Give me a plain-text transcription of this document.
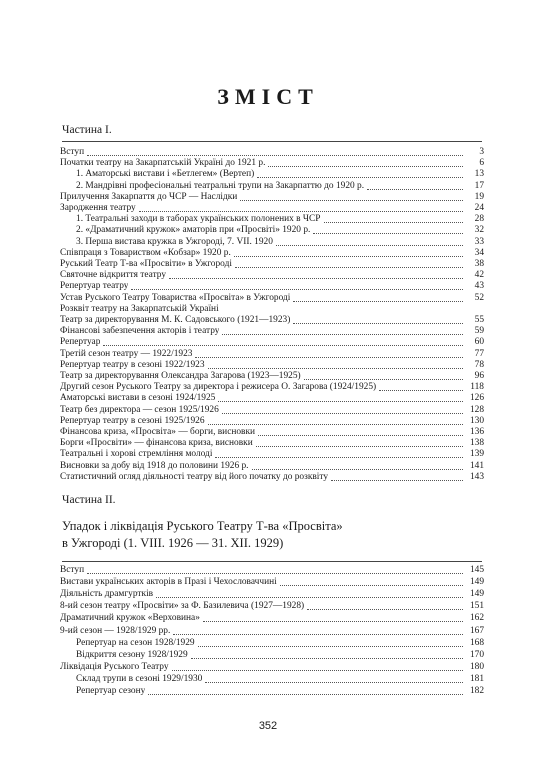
ЗМІСТ
Частина І.
Вступ	3
Початки театру на Закарпатській Україні до 1921 р.	6
1. Аматорські вистави і «Бетлегем» (Вертеп)	13
2. Мандрівні професіональні театральні трупи на Закарпаттю до 1920 р.	17
Прилучення Закарпаття до ЧСР — Наслідки	19
Зародження театру	24
1. Театральні заходи в таборах українських полонених в ЧСР	28
2. «Драматичний кружок» аматорів при «Просвіті» 1920 р.	32
3. Перша вистава кружка в Ужгороді, 7. VII. 1920	33
Співпраця з Товариством «Кобзар» 1920 р.	34
Руський Театр Т-ва «Просвіти» в Ужгороді	38
Святочне відкриття театру	42
Репертуар театру	43
Устав Руського Театру Товариства «Просвіта» в Ужгороді	52
Розквіт театру на Закарпатській Україні
Театр за директорування М. К. Садовського (1921—1923)	55
Фінансові забезпечення акторів і театру	59
Репертуар	60
Третій сезон театру — 1922/1923	77
Репертуар театру в сезоні 1922/1923	78
Театр за директорування Олександра Загарова (1923—1925)	96
Другий сезон Руського Театру за директора і режисера О. Загарова (1924/1925)	118
Аматорські вистави в сезоні 1924/1925	126
Театр без директора — сезон 1925/1926	128
Репертуар театру в сезоні 1925/1926	130
Фінансова криза, «Просвіта» — борги, висновки	136
Борги «Просвіти» — фінансова криза, висновки	138
Театральні і хорові стремління молоді	139
Висновки за добу від 1918 до половини 1926 р.	141
Статистичний огляд діяльності театру від його початку до розквіту	143
Частина II.
Упадок і ліквідація Руського Театру Т-ва «Просвіта»
в Ужгороді (1. VIII. 1926 — 31. XII. 1929)
Вступ	145
Вистави українських акторів в Празі і Чехословаччині	149
Діяльність драмгуртків	149
8-ий сезон театру «Просвіти» за Ф. Базилевича (1927—1928)	151
Драматичний кружок «Верховина»	162
9-ий сезон — 1928/1929 рр.	167
Репертуар на сезон 1928/1929	168
Відкриття сезону 1928/1929	170
Ліквідація Руського Театру	180
Склад трупи в сезоні 1929/1930	181
Репертуар сезону	182
352
